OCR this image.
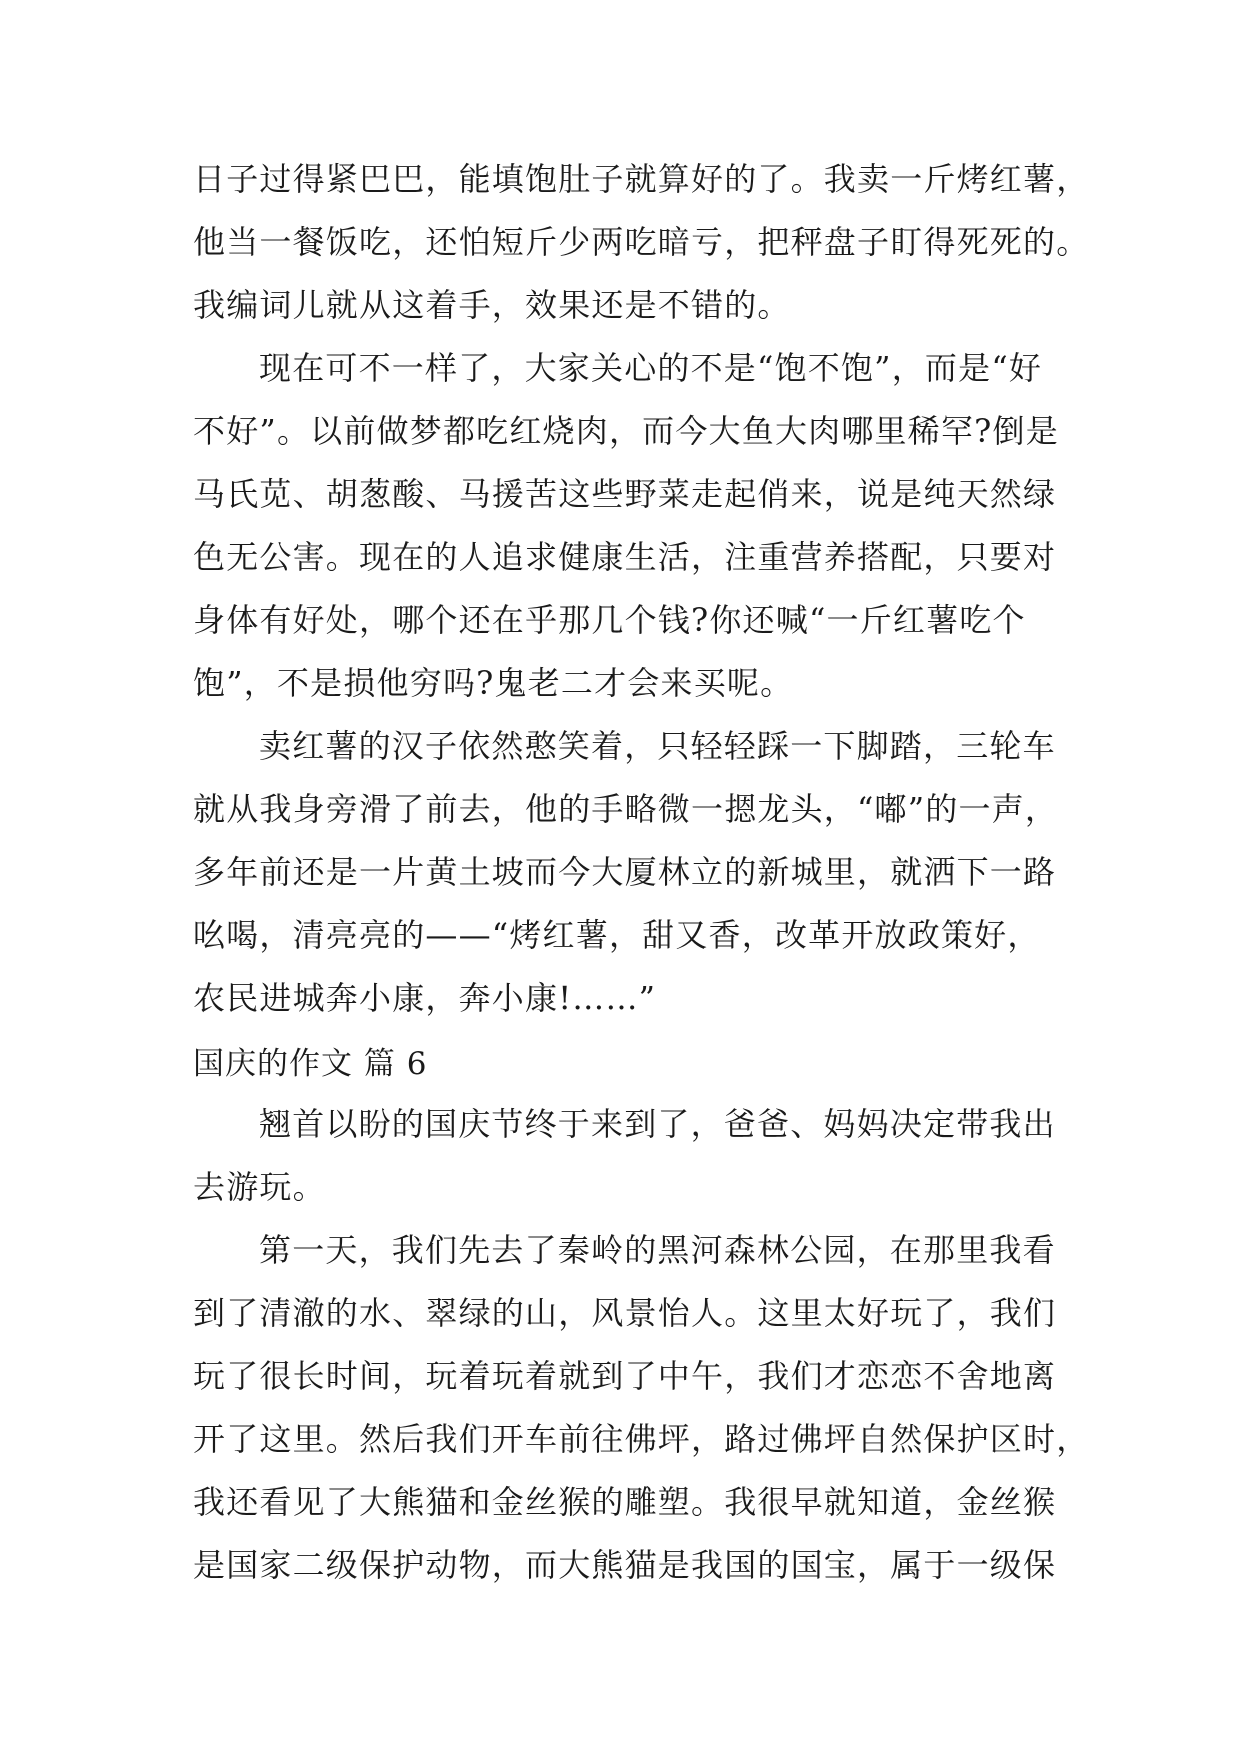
日子过得紧巴巴，能填饱肚子就算好的了。我卖一斤烤红薯，
他当一餐饭吃，还怕短斤少两吃暗亏，把秤盘子盯得死死的。
我编词儿就从这着手，效果还是不错的。
现在可不一样了，大家关心的不是“饱不饱”，而是“好
不好”。以前做梦都吃红烧肉，而今大鱼大肉哪里稀罕?倒是
马氏苋、胡葱酸、马援苦这些野菜走起俏来，说是纯天然绿
色无公害。现在的人追求健康生活，注重营养搭配，只要对
身体有好处，哪个还在乎那几个钱?你还喊“一斤红薯吃个
饱”，不是损他穷吗?鬼老二才会来买呢。
卖红薯的汉子依然憨笑着，只轻轻踩一下脚踏，三轮车
就从我身旁滑了前去，他的手略微一摁龙头，“嘟”的一声，
多年前还是一片黄土坡而今大厦林立的新城里，就洒下一路
吆喝，清亮亮的——“烤红薯，甜又香，改革开放政策好，
农民进城奔小康，奔小康!……”
国庆的作文 篇 6
翘首以盼的国庆节终于来到了，爸爸、妈妈决定带我出
去游玩。
第一天，我们先去了秦岭的黑河森林公园，在那里我看
到了清澈的水、翠绿的山，风景怡人。这里太好玩了，我们
玩了很长时间，玩着玩着就到了中午，我们才恋恋不舍地离
开了这里。然后我们开车前往佛坪，路过佛坪自然保护区时，
我还看见了大熊猫和金丝猴的雕塑。我很早就知道，金丝猴
是国家二级保护动物，而大熊猫是我国的国宝，属于一级保
